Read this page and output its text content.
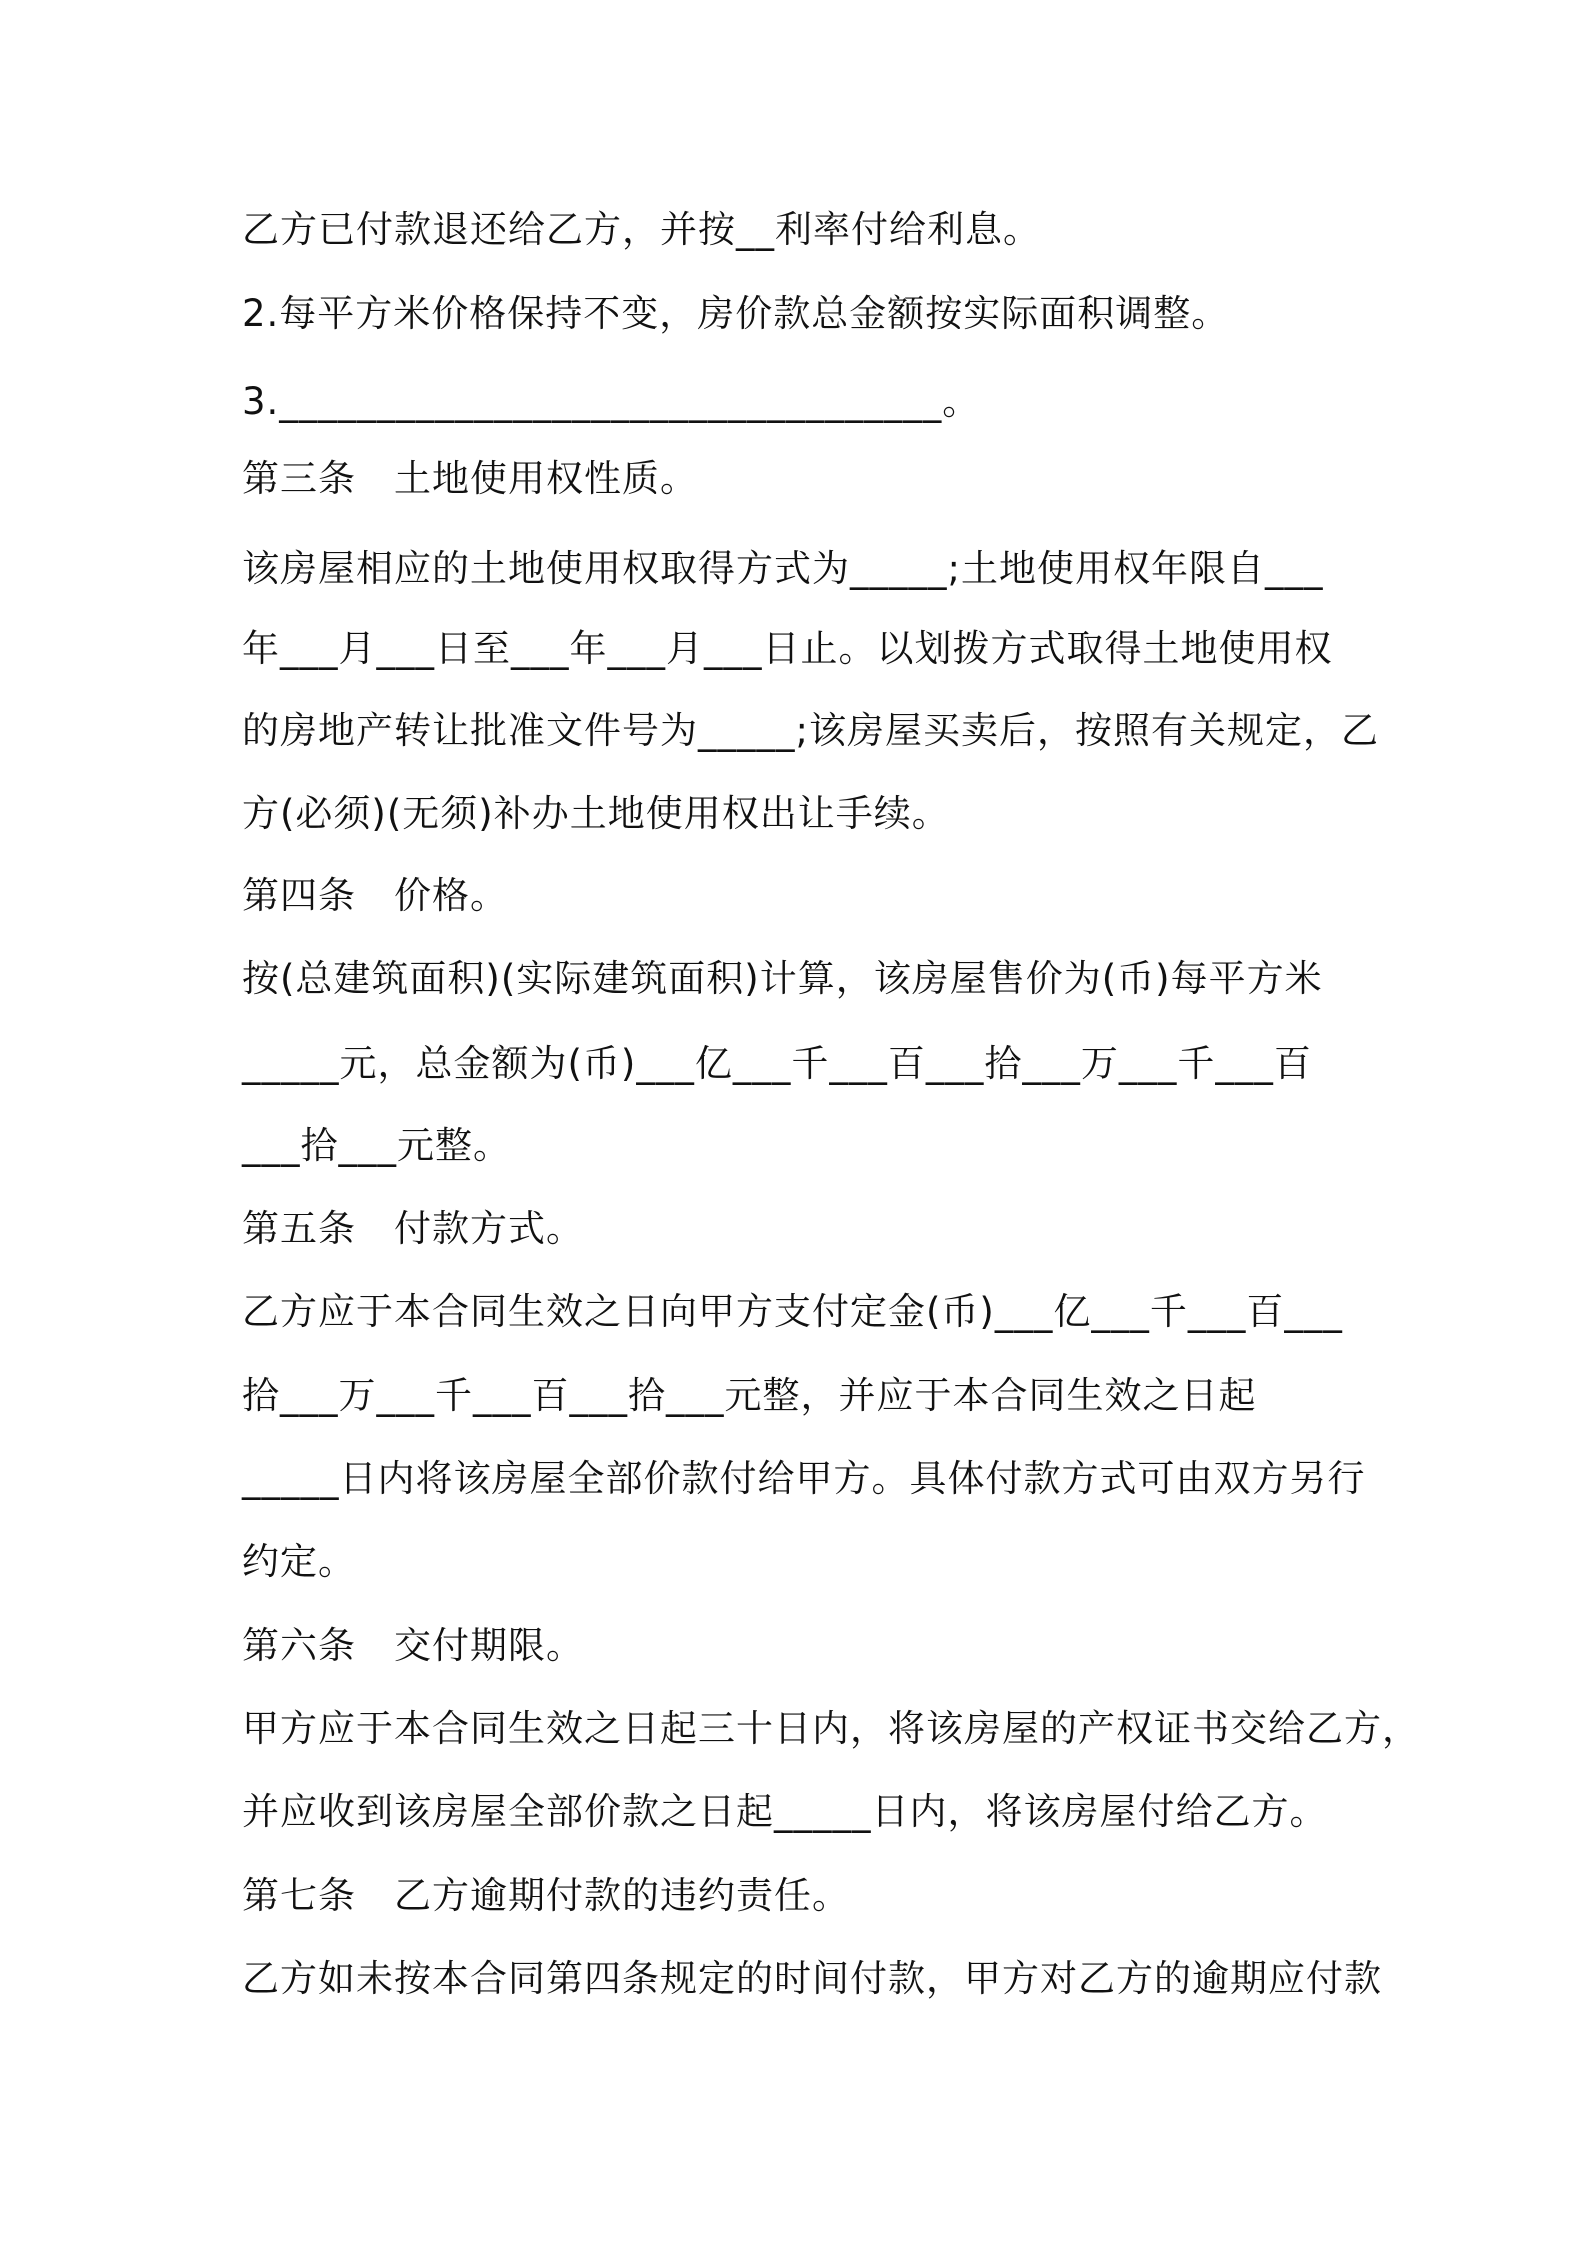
乙方已付款退还给乙方，并按__利率付给利息。
2.每平方米价格保持不变，房价款总金额按实际面积调整。
3.__________________________________。
第三条　土地使用权性质。
该房屋相应的土地使用权取得方式为_____;土地使用权年限自___
年___月___日至___年___月___日止。以划拨方式取得土地使用权
的房地产转让批准文件号为_____;该房屋买卖后，按照有关规定，乙
方(必须)(无须)补办土地使用权出让手续。
第四条　价格。
按(总建筑面积)(实际建筑面积)计算，该房屋售价为(币)每平方米
_____元，总金额为(币)___亿___千___百___拾___万___千___百
___拾___元整。
第五条　付款方式。
乙方应于本合同生效之日向甲方支付定金(币)___亿___千___百___
拾___万___千___百___拾___元整，并应于本合同生效之日起
_____日内将该房屋全部价款付给甲方。具体付款方式可由双方另行
约定。
第六条　交付期限。
甲方应于本合同生效之日起三十日内，将该房屋的产权证书交给乙方，
并应收到该房屋全部价款之日起_____日内，将该房屋付给乙方。
第七条　乙方逾期付款的违约责任。
乙方如未按本合同第四条规定的时间付款，甲方对乙方的逾期应付款
